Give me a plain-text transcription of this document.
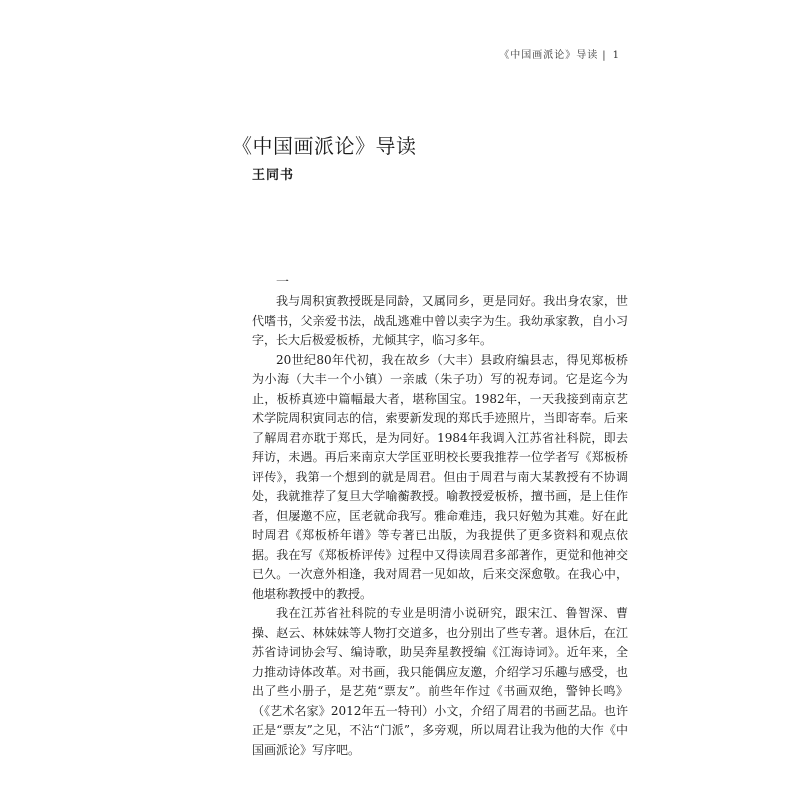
《中国画派论》导读 | 1
《中国画派论》导读
王同书
一

我与周积寅教授既是同龄，又属同乡，更是同好。我出身农家，世代嗜书，父亲爱书法，战乱逃难中曾以卖字为生。我幼承家教，自小习字，长大后极爱板桥，尤倾其字，临习多年。

20世纪80年代初，我在故乡（大丰）县政府编县志，得见郑板桥为小海（大丰一个小镇）一亲戚（朱子功）写的祝寿词。它是迄今为止，板桥真迹中篇幅最大者，堪称国宝。1982年，一天我接到南京艺术学院周积寅同志的信，索要新发现的郑氏手迹照片，当即寄奉。后来了解周君亦耽于郑氏，是为同好。1984年我调入江苏省社科院，即去拜访，未遇。再后来南京大学匡亚明校长要我推荐一位学者写《郑板桥评传》，我第一个想到的就是周君。但由于周君与南大某教授有不协调处，我就推荐了复旦大学喻蘅教授。喻教授爱板桥，擅书画，是上佳作者，但屡邀不应，匡老就命我写。雅命难违，我只好勉为其难。好在此时周君《郑板桥年谱》等专著已出版，为我提供了更多资料和观点依据。我在写《郑板桥评传》过程中又得读周君多部著作，更觉和他神交已久。一次意外相逢，我对周君一见如故，后来交深愈敬。在我心中，他堪称教授中的教授。

我在江苏省社科院的专业是明清小说研究，跟宋江、鲁智深、曹操、赵云、林妹妹等人物打交道多，也分别出了些专著。退休后，在江苏省诗词协会写、编诗歌，助吴奔星教授编《江海诗词》。近年来，全力推动诗体改革。对书画，我只能偶应友邀，介绍学习乐趣与感受，也出了些小册子，是艺苑“票友”。前些年作过《书画双绝，警钟长鸣》（《艺术名家》2012年五一特刊）小文，介绍了周君的书画艺品。也许正是“票友”之见，不沾“门派”，多旁观，所以周君让我为他的大作《中国画派论》写序吧。
